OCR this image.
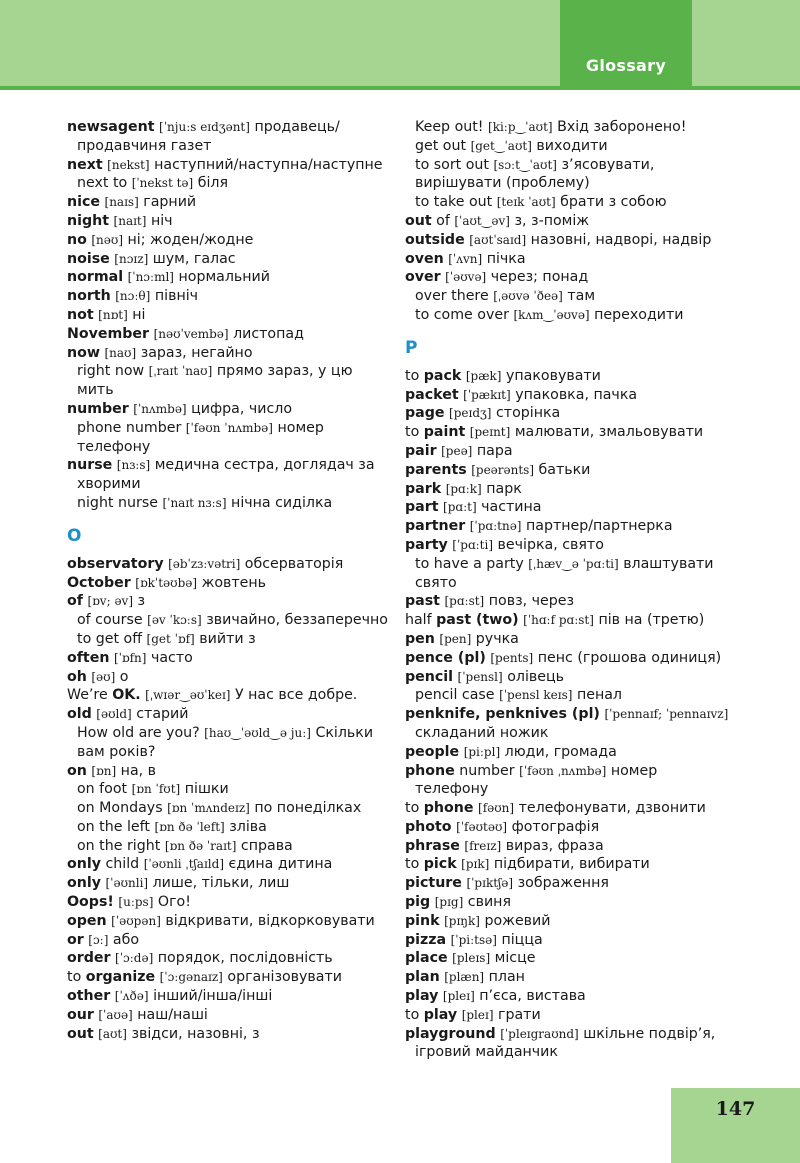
Glossary
newsagent [ˈnjuːs eɪdʒənt] продавець/
продавчиня газет
next [nekst] наступний/наступна/наступне
next to [ˈnekst tə] біля
nice [naɪs] гарний
night [naɪt] ніч
no [nəʊ] ні; жоден/жодне
noise [nɔɪz] шум, галас
normal [ˈnɔːml] нормальний
north [nɔːθ] північ
not [nɒt] ні
November [nəʊˈvembə] листопад
now [naʊ] зараз, негайно
right now [ˌraɪt ˈnaʊ] прямо зараз, у цю
мить
number [ˈnʌmbə] цифра, число
phone number [ˈfəʊn ˈnʌmbə] номер
телефону
nurse [nɜːs] медична сестра, доглядач за
хворими
night nurse [ˈnaɪt nɜːs] нічна сиділка
O
observatory [əbˈzɜːvətri] обсерваторія
October [ɒkˈtəʊbə] жовтень
of [ɒv; əv] з
of course [əv ˈkɔːs] звичайно, беззаперечно
to get off [get ˈɒf] вийти з
often [ˈɒfn] часто
oh [əʊ] о
We’re OK. [ˌwɪər‿əʊˈkeɪ] У нас все добре.
old [əʊld] старий
How old are you? [haʊ‿ˈəʊld‿ə juː] Скільки
вам років?
on [ɒn] на, в
on foot [ɒn ˈfʊt] пішки
on Mondays [ɒn ˈmʌndeɪz] по понеділках
on the left [ɒn ðə ˈleft] зліва
on the right [ɒn ðə ˈraɪt] справа
only child [ˈəʊnli ˌtʃaɪld] єдина дитина
only [ˈəʊnli] лише, тільки, лиш
Oops! [uːps] Ого!
open [ˈəʊpən] відкривати, відкорковувати
or [ɔː] або
order [ˈɔːdə] порядок, послідовність
to organize [ˈɔːgənaɪz] організовувати
other [ˈʌðə] інший/інша/інші
our [ˈaʊə] наш/наші
out [aʊt] звідси, назовні, з
Keep out! [kiːp‿ˈaʊt] Вхід заборонено!
get out [get‿ˈaʊt] виходити
to sort out [sɔːt‿ˈaʊt] з’ясовувати,
вирішувати (проблему)
to take out [teɪk ˈaʊt] брати з собою
out of [ˈaʊt‿əv] з, з-поміж
outside [aʊtˈsaɪd] назовні, надворі, надвір
oven [ˈʌvn] пічка
over [ˈəʊvə] через; понад
over there [ˌəʊvə ˈðeə] там
to come over [kʌm‿ˈəʊvə] переходити
P
to pack [pæk] упаковувати
packet [ˈpækɪt] упаковка, пачка
page [peɪdʒ] сторінка
to paint [peɪnt] малювати, змальовувати
pair [peə] пара
parents [peərənts] батьки
park [pɑːk] парк
part [pɑːt] частина
partner [ˈpɑːtnə] партнер/партнерка
party [ˈpɑːti] вечірка, свято
to have a party [ˌhæv‿ə ˈpɑːti] влаштувати
свято
past [pɑːst] повз, через
half past (two) [ˈhɑːf pɑːst] пів на (третю)
pen [pen] ручка
pence (pl) [pents] пенс (грошова одиниця)
pencil [ˈpensl] олівець
pencil case [ˈpensl keɪs] пенал
penknife, penknives (pl) [ˈpennaɪf; ˈpennaɪvz]
складаний ножик
people [piːpl] люди, громада
phone number [ˈfəʊn ˌnʌmbə] номер
телефону
to phone [fəʊn] телефонувати, дзвонити
photo [ˈfəʊtəʊ] фотографія
phrase [freɪz] вираз, фраза
to pick [pɪk] підбирати, вибирати
picture [ˈpɪktʃə] зображення
pig [pɪg] свиня
pink [pɪŋk] рожевий
pizza [ˈpiːtsə] піцца
place [pleɪs] місце
plan [plæn] план
play [pleɪ] п’єса, вистава
to play [pleɪ] грати
playground [ˈpleɪgraʊnd] шкільне подвір’я,
ігровий майданчик
147
